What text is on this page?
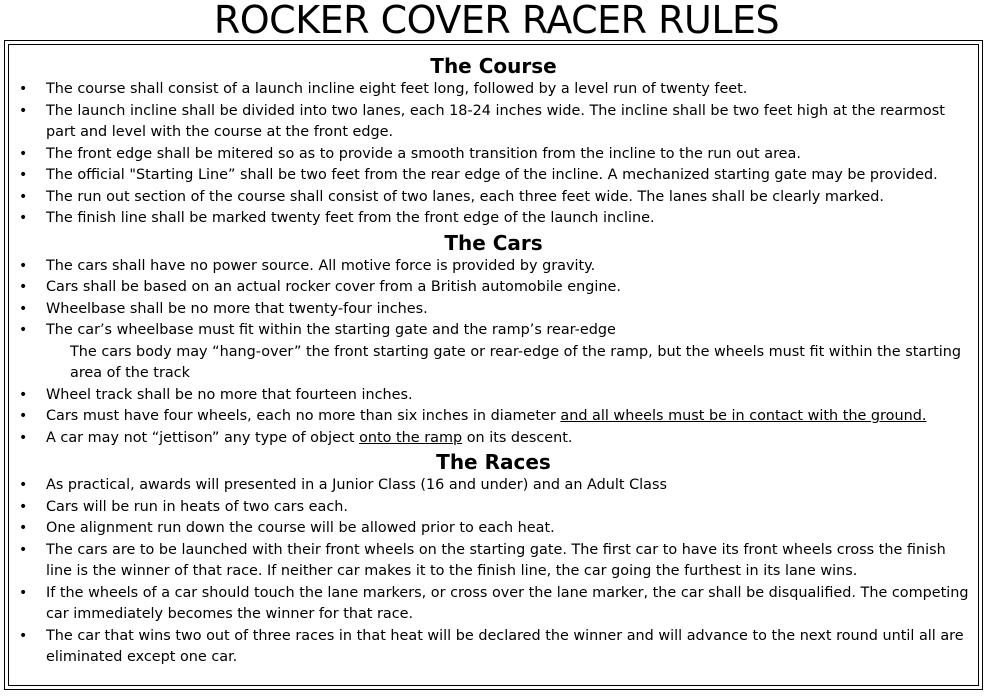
ROCKER COVER RACER RULES
The Course
• The course shall consist of a launch incline eight feet long, followed by a level run of twenty feet.
• The launch incline shall be divided into two lanes, each 18-24 inches wide. The incline shall be two feet high at the rearmost part and level with the course at the front edge.
• The front edge shall be mitered so as to provide a smooth transition from the incline to the run out area.
• The official "Starting Line” shall be two feet from the rear edge of the incline. A mechanized starting gate may be provided.
• The run out section of the course shall consist of two lanes, each three feet wide. The lanes shall be clearly marked.
• The finish line shall be marked twenty feet from the front edge of the launch incline.
The Cars
• The cars shall have no power source. All motive force is provided by gravity.
• Cars shall be based on an actual rocker cover from a British automobile engine.
• Wheelbase shall be no more that twenty-four inches.
• The car’s wheelbase must fit within the starting gate and the ramp’s rear-edge
The cars body may “hang-over” the front starting gate or rear-edge of the ramp, but the wheels must fit within the starting area of the track
• Wheel track shall be no more that fourteen inches.
• Cars must have four wheels, each no more than six inches in diameter and all wheels must be in contact with the ground.
• A car may not “jettison” any type of object onto the ramp on its descent.
The Races
• As practical, awards will presented in a Junior Class (16 and under) and an Adult Class
• Cars will be run in heats of two cars each.
• One alignment run down the course will be allowed prior to each heat.
• The cars are to be launched with their front wheels on the starting gate. The first car to have its front wheels cross the finish line is the winner of that race. If neither car makes it to the finish line, the car going the furthest in its lane wins.
• If the wheels of a car should touch the lane markers, or cross over the lane marker, the car shall be disqualified. The competing car immediately becomes the winner for that race.
• The car that wins two out of three races in that heat will be declared the winner and will advance to the next round until all are eliminated except one car.
